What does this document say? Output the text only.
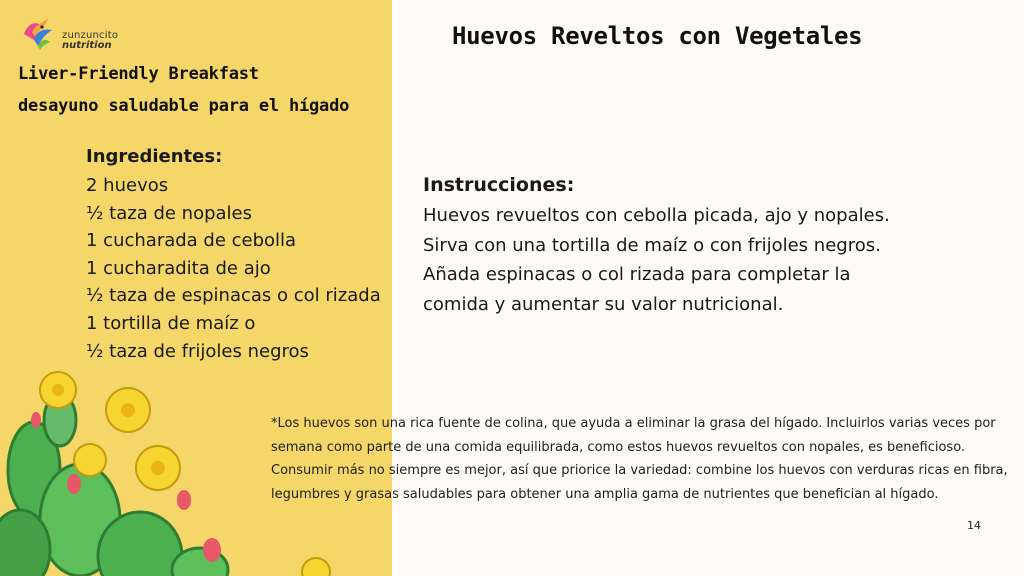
zunzuncito
nutrition
Liver-Friendly Breakfast
desayuno saludable para el hígado
Huevos Reveltos con Vegetales
Ingredientes:
2 huevos
½ taza de nopales
1 cucharada de cebolla
1 cucharadita de ajo
½ taza de espinacas o col rizada
1 tortilla de maíz o
½ taza de frijoles negros
Instrucciones:
Huevos revueltos con cebolla picada, ajo y nopales.
Sirva con una tortilla de maíz o con frijoles negros.
Añada espinacas o col rizada para completar la
comida y aumentar su valor nutricional.
*Los huevos son una rica fuente de colina, que ayuda a eliminar la grasa del hígado. Incluirlos varias veces por semana como parte de una comida equilibrada, como estos huevos revueltos con nopales, es beneficioso. Consumir más no siempre es mejor, así que priorice la variedad: combine los huevos con verduras ricas en fibra, legumbres y grasas saludables para obtener una amplia gama de nutrientes que benefician al hígado.
14
